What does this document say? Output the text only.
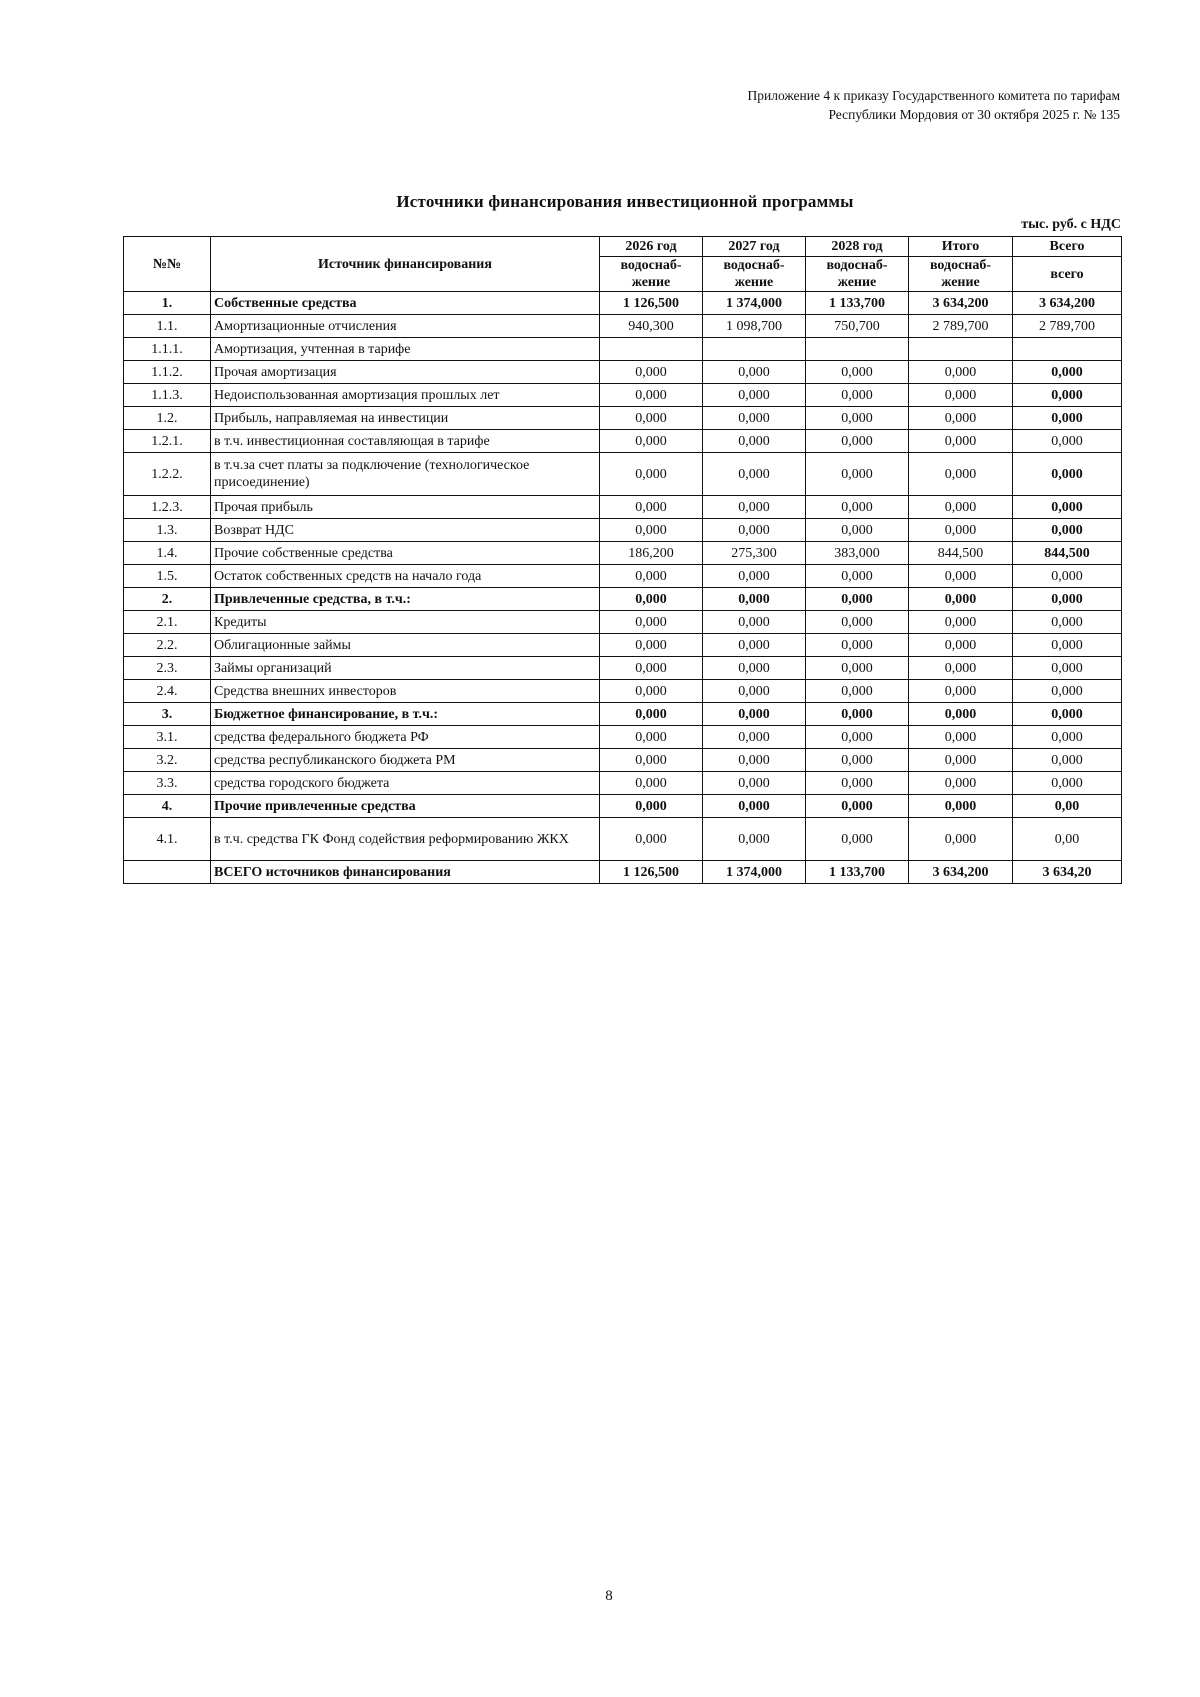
Приложение 4 к приказу Государственного комитета по тарифам
Республики Мордовия от 30 октября 2025 г. № 135
Источники финансирования инвестиционной программы
тыс. руб. с НДС
№№	Источник финансирования	2026 год	2027 год	2028 год	Итого	Всего
		водоснаб-жение	водоснаб-жение	водоснаб-жение	водоснаб-жение	всего

1.	Собственные средства	1 126,500	1 374,000	1 133,700	3 634,200	3 634,200
1.1.	Амортизационные отчисления	940,300	1 098,700	750,700	2 789,700	2 789,700
1.1.1.	Амортизация, учтенная в тарифе					
1.1.2.	Прочая амортизация	0,000	0,000	0,000	0,000	0,000
1.1.3.	Недоиспользованная амортизация прошлых лет	0,000	0,000	0,000	0,000	0,000
1.2.	Прибыль, направляемая на инвестиции	0,000	0,000	0,000	0,000	0,000
1.2.1.	в т.ч. инвестиционная составляющая в тарифе	0,000	0,000	0,000	0,000	0,000
1.2.2.	в т.ч.за счет платы за подключение (технологическое присоединение)	0,000	0,000	0,000	0,000	0,000
1.2.3.	Прочая прибыль	0,000	0,000	0,000	0,000	0,000
1.3.	Возврат НДС	0,000	0,000	0,000	0,000	0,000
1.4.	Прочие собственные средства	186,200	275,300	383,000	844,500	844,500
1.5.	Остаток собственных средств на начало года	0,000	0,000	0,000	0,000	0,000
2.	Привлеченные средства, в т.ч.:	0,000	0,000	0,000	0,000	0,000
2.1.	Кредиты	0,000	0,000	0,000	0,000	0,000
2.2.	Облигационные займы	0,000	0,000	0,000	0,000	0,000
2.3.	Займы организаций	0,000	0,000	0,000	0,000	0,000
2.4.	Средства внешних инвесторов	0,000	0,000	0,000	0,000	0,000
3.	Бюджетное финансирование, в т.ч.:	0,000	0,000	0,000	0,000	0,000
3.1.	средства федерального бюджета РФ	0,000	0,000	0,000	0,000	0,000
3.2.	средства республиканского бюджета РМ	0,000	0,000	0,000	0,000	0,000
3.3.	средства городского бюджета	0,000	0,000	0,000	0,000	0,000
4.	Прочие привлеченные средства	0,000	0,000	0,000	0,000	0,00
4.1.	в т.ч. средства ГК Фонд содействия реформированию ЖКХ	0,000	0,000	0,000	0,000	0,00
	ВСЕГО источников финансирования	1 126,500	1 374,000	1 133,700	3 634,200	3 634,20
8
